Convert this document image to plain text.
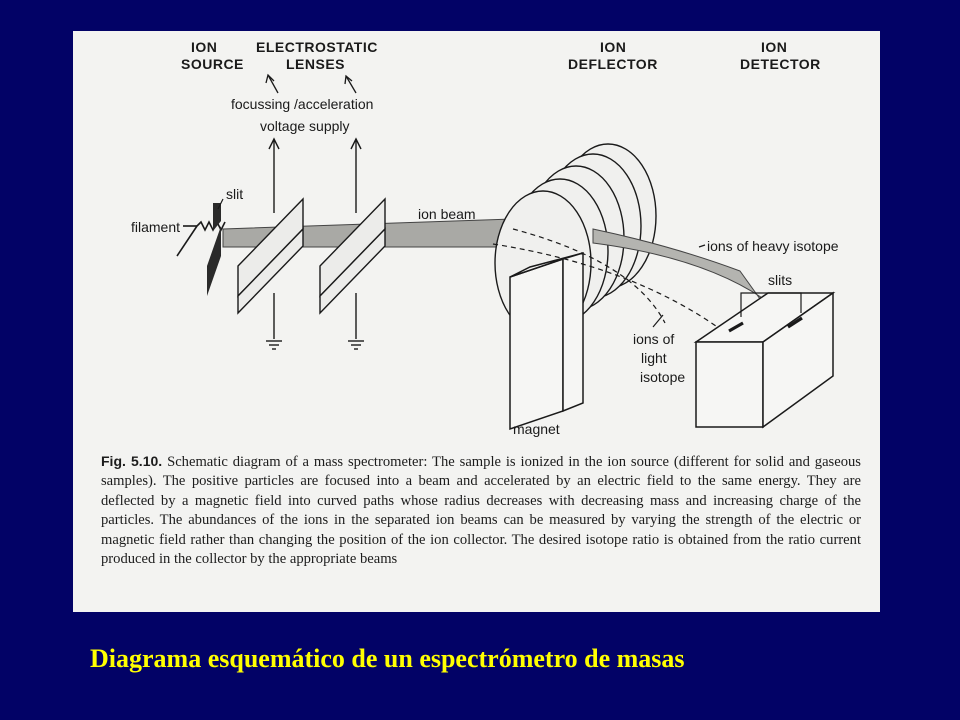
ION
SOURCE
ELECTROSTATIC
LENSES
ION
DEFLECTOR
ION
DETECTOR
focussing /acceleration
voltage supply
filament
slit
ion beam
ions of heavy isotope
slits
ions of
light
isotope
magnet
Fig. 5.10. Schematic diagram of a mass spectrometer: The sample is ionized in the ion source (different for solid and gaseous samples). The positive particles are focused into a beam and accelerated by an electric field to the same energy. They are deflected by a magnetic field into curved paths whose radius decreases with decreasing mass and increasing charge of the particles. The abundances of the ions in the separated ion beams can be measured by varying the strength of the electric or magnetic field rather than changing the position of the ion collector. The desired isotope ratio is obtained from the ratio current produced in the collector by the appropriate beams
Diagrama esquemático de un espectrómetro de masas
